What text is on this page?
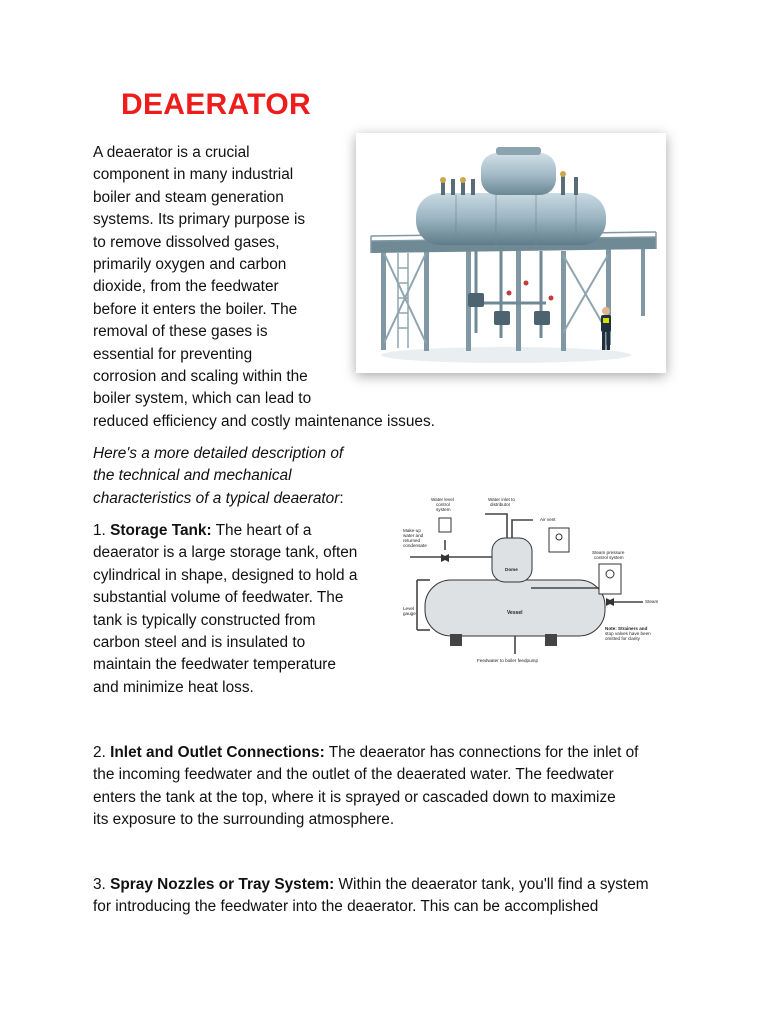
DEAERATOR

A deaerator is a crucial
component in many industrial
boiler and steam generation
systems. Its primary purpose is
to remove dissolved gases,
primarily oxygen and carbon
dioxide, from the feedwater
before it enters the boiler. The
removal of these gases is
essential for preventing
corrosion and scaling within the
boiler system, which can lead to
reduced efficiency and costly maintenance issues.

Here's a more detailed description of
the technical and mechanical
characteristics of a typical deaerator:

1. Storage Tank: The heart of a
deaerator is a large storage tank, often
cylindrical in shape, designed to hold a
substantial volume of feedwater. The
tank is typically constructed from
carbon steel and is insulated to
maintain the feedwater temperature
and minimize heat loss.

Water level
control
system
Water inlet to
distributor
Air vent
Make-up
water and
returned
condensate
Steam pressure
control system
Steam
Level
gauge
Note: Strainers and
stop valves have been
omitted for clarity
Feedwater to boiler feedpump
Vessel
Dome

2. Inlet and Outlet Connections: The deaerator has connections for the inlet of
the incoming feedwater and the outlet of the deaerated water. The feedwater
enters the tank at the top, where it is sprayed or cascaded down to maximize
its exposure to the surrounding atmosphere.

3. Spray Nozzles or Tray System: Within the deaerator tank, you'll find a system
for introducing the feedwater into the deaerator. This can be accomplished
